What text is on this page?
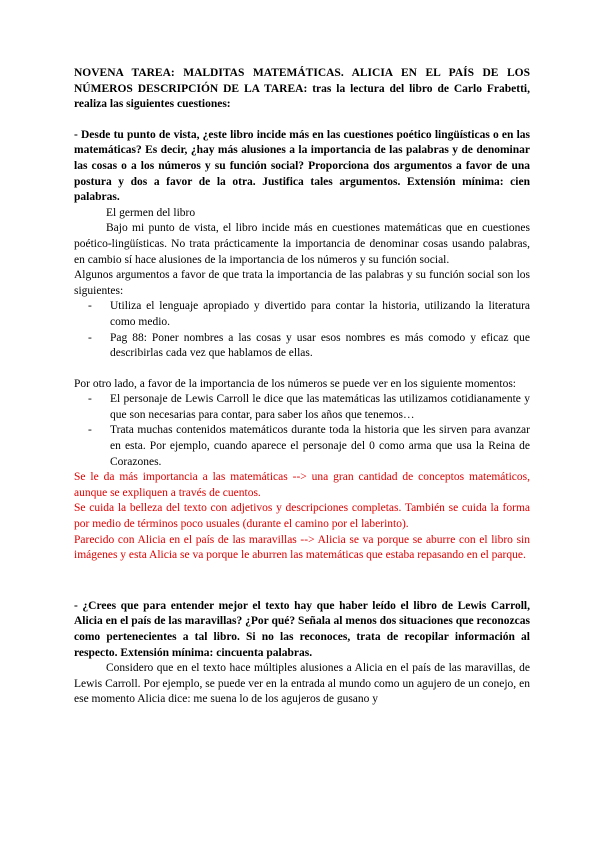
NOVENA TAREA: MALDITAS MATEMÁTICAS. ALICIA EN EL PAÍS DE LOS NÚMEROS DESCRIPCIÓN DE LA TAREA: tras la lectura del libro de Carlo Frabetti, realiza las siguientes cuestiones:

- Desde tu punto de vista, ¿este libro incide más en las cuestiones poético lingüísticas o en las matemáticas? Es decir, ¿hay más alusiones a la importancia de las palabras y de denominar las cosas o a los números y su función social? Proporciona dos argumentos a favor de una postura y dos a favor de la otra. Justifica tales argumentos. Extensión mínima: cien palabras.

El germen del libro

Bajo mi punto de vista, el libro incide más en cuestiones matemáticas que en cuestiones poético-lingüísticas. No trata prácticamente la importancia de denominar cosas usando palabras, en cambio sí hace alusiones de la importancia de los números y su función social.

Algunos argumentos a favor de que trata la importancia de las palabras y su función social son los siguientes:

- Utiliza el lenguaje apropiado y divertido para contar la historia, utilizando la literatura como medio.
- Pag 88: Poner nombres a las cosas y usar esos nombres es más comodo y eficaz que describirlas cada vez que hablamos de ellas.

Por otro lado, a favor de la importancia de los números se puede ver en los siguiente momentos:

- El personaje de Lewis Carroll le dice que las matemáticas las utilizamos cotidianamente y que son necesarias para contar, para saber los años que tenemos…
- Trata muchas contenidos matemáticos durante toda la historia que les sirven para avanzar en esta. Por ejemplo, cuando aparece el personaje del 0 como arma que usa la Reina de Corazones.

Se le da más importancia a las matemáticas --> una gran cantidad de conceptos matemáticos, aunque se expliquen a través de cuentos.

Se cuida la belleza del texto con adjetivos y descripciones completas. También se cuida la forma por medio de términos poco usuales (durante el camino por el laberinto).

Parecido con Alicia en el país de las maravillas --> Alicia se va porque se aburre con el libro sin imágenes y esta Alicia se va porque le aburren las matemáticas que estaba repasando en el parque.

- ¿Crees que para entender mejor el texto hay que haber leído el libro de Lewis Carroll, Alicia en el país de las maravillas? ¿Por qué? Señala al menos dos situaciones que reconozcas como pertenecientes a tal libro. Si no las reconoces, trata de recopilar información al respecto. Extensión mínima: cincuenta palabras.

Considero que en el texto hace múltiples alusiones a Alicia en el país de las maravillas, de Lewis Carroll. Por ejemplo, se puede ver en la entrada al mundo como un agujero de un conejo, en ese momento Alicia dice: me suena lo de los agujeros de gusano y
